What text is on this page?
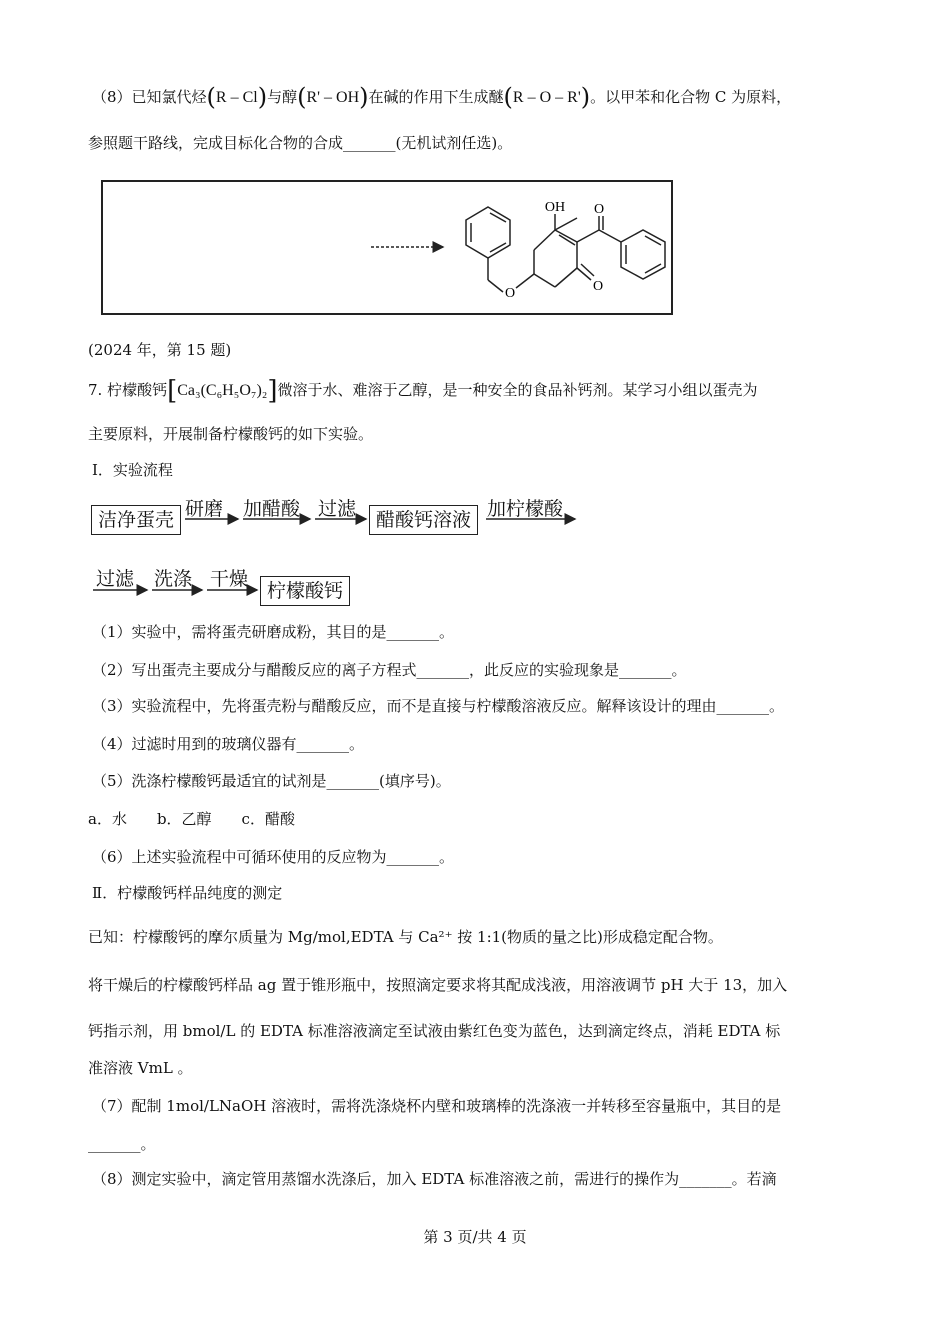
（8）已知氯代烃(R – Cl)与醇(R' – OH)在碱的作用下生成醚(R – O – R')。以甲苯和化合物 C 为原料，
参照题干路线，完成目标化合物的合成_______(无机试剂任选)。
OH O
O
O
(2024 年，第 15 题)
7. 柠檬酸钙[Ca₃(C₆H₅O₇)₂]微溶于水、难溶于乙醇，是一种安全的食品补钙剂。某学习小组以蛋壳为
主要原料，开展制备柠檬酸钙的如下实验。
Ⅰ．实验流程
洁净蛋壳 研磨 加醋酸 过滤	醋酸钙溶液 加柠檬酸
过滤 洗涤 干燥
柠檬酸钙
（1）实验中，需将蛋壳研磨成粉，其目的是_______。
（2）写出蛋壳主要成分与醋酸反应的离子方程式_______，此反应的实验现象是_______。
（3）实验流程中，先将蛋壳粉与醋酸反应，而不是直接与柠檬酸溶液反应。解释该设计的理由_______。
（4）过滤时用到的玻璃仪器有_______。
（5）洗涤柠檬酸钙最适宜的试剂是_______(填序号)。
a．水　　b．乙醇　　c．醋酸
（6）上述实验流程中可循环使用的反应物为_______。
Ⅱ．柠檬酸钙样品纯度的测定
已知：柠檬酸钙的摩尔质量为 Mg/mol,EDTA 与 Ca²⁺ 按 1:1(物质的量之比)形成稳定配合物。
将干燥后的柠檬酸钙样品 ag 置于锥形瓶中，按照滴定要求将其配成浅液，用溶液调节 pH 大于 13，加入
钙指示剂，用 bmol/L 的 EDTA 标准溶液滴定至试液由紫红色变为蓝色，达到滴定终点，消耗 EDTA 标
准溶液 VmL 。
（7）配制 1mol/LNaOH 溶液时，需将洗涤烧杯内壁和玻璃棒的洗涤液一并转移至容量瓶中，其目的是
_______。
（8）测定实验中，滴定管用蒸馏水洗涤后，加入 EDTA 标准溶液之前，需进行的操作为_______。若滴
第 3 页/共 4 页
